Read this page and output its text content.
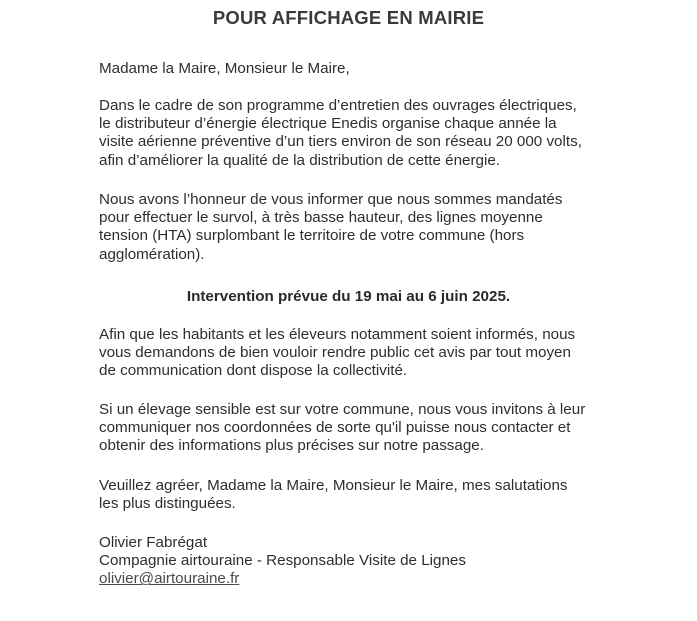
POUR AFFICHAGE EN MAIRIE
Madame la Maire, Monsieur le Maire,
Dans le cadre de son programme d’entretien des ouvrages électriques,
le distributeur d’énergie électrique Enedis organise chaque année la
visite aérienne préventive d’un tiers environ de son réseau 20 000 volts,
afin d’améliorer la qualité de la distribution de cette énergie.
Nous avons l’honneur de vous informer que nous sommes mandatés
pour effectuer le survol, à très basse hauteur, des lignes moyenne
tension (HTA) surplombant le territoire de votre commune (hors
agglomération).
Intervention prévue du 19 mai au 6 juin 2025.
Afin que les habitants et les éleveurs notamment soient informés, nous
vous demandons de bien vouloir rendre public cet avis par tout moyen
de communication dont dispose la collectivité.
Si un élevage sensible est sur votre commune, nous vous invitons à leur
communiquer nos coordonnées de sorte qu'il puisse nous contacter et
obtenir des informations plus précises sur notre passage.
Veuillez agréer, Madame la Maire, Monsieur le Maire, mes salutations
les plus distinguées.
Olivier Fabrégat
Compagnie airtouraine - Responsable Visite de Lignes
olivier@airtouraine.fr
